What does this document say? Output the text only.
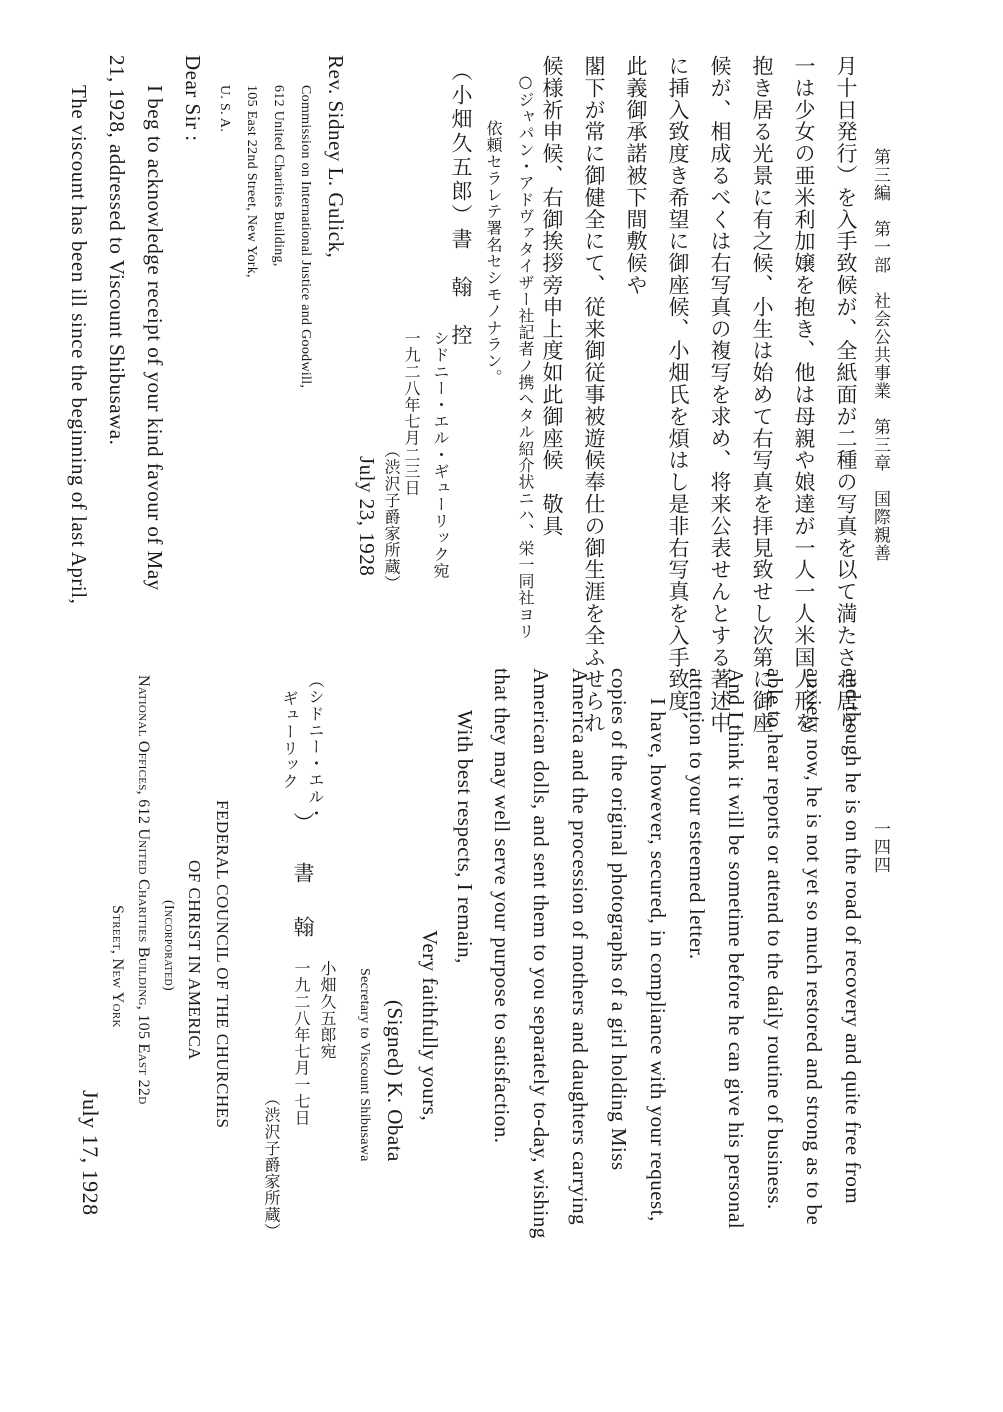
第三編　第一部　社会公共事業　第三章　国際親善
一四四
月十日発行）を入手致候が、全紙面が二種の写真を以て満たされ居り
一は少女の亜米利加嬢を抱き、他は母親や娘達が一人一人米国人形を
抱き居る光景に有之候、小生は始めて右写真を拝見致せし次第に御座
候が、相成るべくは右写真の複写を求め、将来公表せんとする著述中
に挿入致度き希望に御座候、小畑氏を煩はし是非右写真を入手致度、
此義御承諾被下間敷候や
閣下が常に御健全にて、従来御従事被遊候奉仕の御生涯を全ふせられ
候様祈申候、右御挨拶旁申上度如此御座候　敬具
○ジャパン・アドヴァタイザー社記者ノ携ヘタル紹介状ニハ、栄一同社ヨリ
依頼セラレテ署名セシモノナラン。
（小畑久五郎）書　翰　控
シドニー・エル・ギューリック宛
一九二八年七月二三日
（渋沢子爵家所蔵）
July 23, 1928
Rev. Sidney L. Gulick,
Commission on International Justice and Goodwill,
612 United Charities Building,
105 East 22nd Street, New York,
U. S. A.
Dear Sir :
I beg to acknowledge receipt of your kind favour of May
21, 1928, addressed to Viscount Shibusawa.
The viscount has been ill since the beginning of last April,
and though he is on the road of recovery and quite free from
anxiety now, he is not yet so much restored and strong as to be
able to hear reports or attend to the daily routine of business.
And I think it will be sometime before he can give his personal
attention to your esteemed letter.
I have, however, secured, in compliance with your request,
copies of the original photographs of a girl holding Miss
America and the procession of mothers and daughters carrying
American dolls, and sent them to you separately to-day, wishing
that they may well serve your purpose to satisfaction.
With best respects, I remain,
Very faithfully yours,
(Signed) K. Obata
Secretary to Viscount Shibusawa
小畑久五郎宛
一九二八年七月一七日
（渋沢子爵家所蔵）
（シドニー・エル・
ギューリック
）
書　翰
FEDERAL COUNCIL OF THE CHURCHES
OF CHRIST IN AMERICA
(Incorporated)
National Offices, 612 United Charities Building, 105 East 22d
Street, New York
July 17, 1928
